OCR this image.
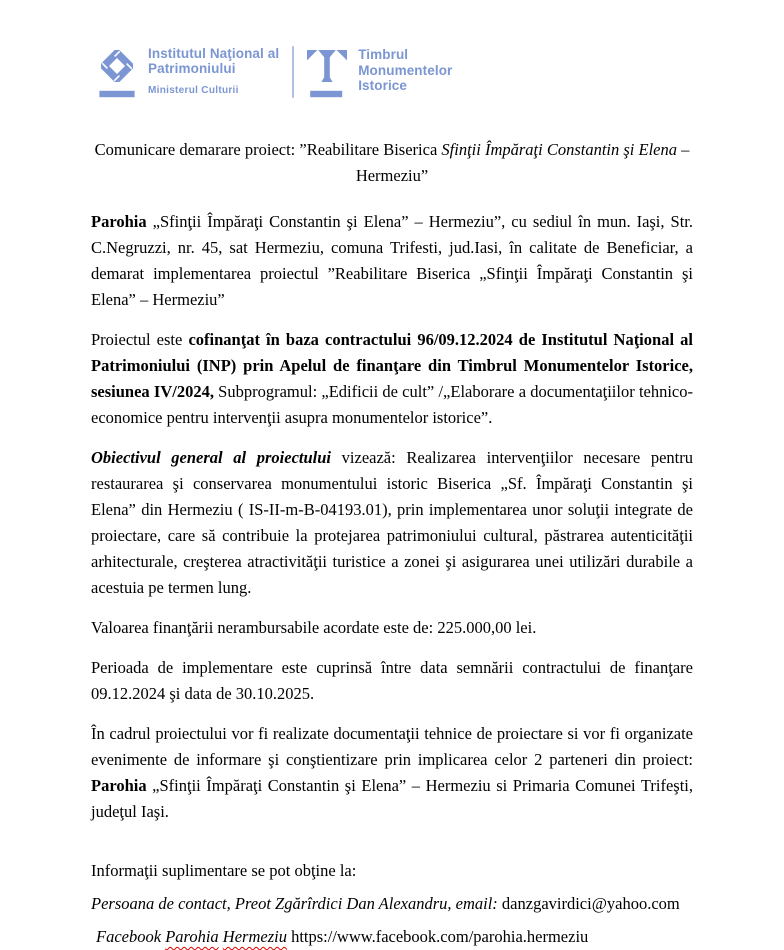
Institutul Naţional al
Patrimoniului
Ministerul Culturii
Timbrul
Monumentelor
Istorice

Comunicare demarare proiect: ”Reabilitare Biserica Sfinţii Împăraţi Constantin şi Elena – Hermeziu”

Parohia „Sfinţii Împăraţi Constantin şi Elena” – Hermeziu”, cu sediul în mun. Iaşi, Str. C.Negruzzi, nr. 45, sat Hermeziu, comuna Trifesti, jud.Iasi, în calitate de Beneficiar, a demarat implementarea proiectul ”Reabilitare Biserica „Sfinţii Împăraţi Constantin şi Elena” – Hermeziu”

Proiectul este cofinanţat în baza contractului 96/09.12.2024 de Institutul Naţional al Patrimoniului (INP) prin Apelul de finanţare din Timbrul Monumentelor Istorice, sesiunea IV/2024, Subprogramul: „Edificii de cult” /„Elaborare a documentaţiilor tehnico-economice pentru intervenţii asupra monumentelor istorice”.

Obiectivul general al proiectului vizează: Realizarea intervenţiilor necesare pentru restaurarea şi conservarea monumentului istoric Biserica „Sf. Împăraţi Constantin şi Elena” din Hermeziu ( IS-II-m-B-04193.01), prin implementarea unor soluţii integrate de proiectare, care să contribuie la protejarea patrimoniului cultural, păstrarea autenticităţii arhitecturale, creşterea atractivităţii turistice a zonei şi asigurarea unei utilizări durabile a acestuia pe termen lung.

Valoarea finanţării nerambursabile acordate este de: 225.000,00 lei.

Perioada de implementare este cuprinsă între data semnării contractului de finanţare 09.12.2024 şi data de 30.10.2025.

În cadrul proiectului vor fi realizate documentaţii tehnice de proiectare si vor fi organizate evenimente de informare şi conştientizare prin implicarea celor 2 parteneri din proiect: Parohia „Sfinţii Împăraţi Constantin şi Elena” – Hermeziu si Primaria Comunei Trifeşti, judeţul Iaşi.

Informaţii suplimentare se pot obţine la:

Persoana de contact, Preot Zgărîrdici Dan Alexandru, email: danzgavirdici@yahoo.com

Facebook Parohia Hermeziu https://www.facebook.com/parohia.hermeziu
